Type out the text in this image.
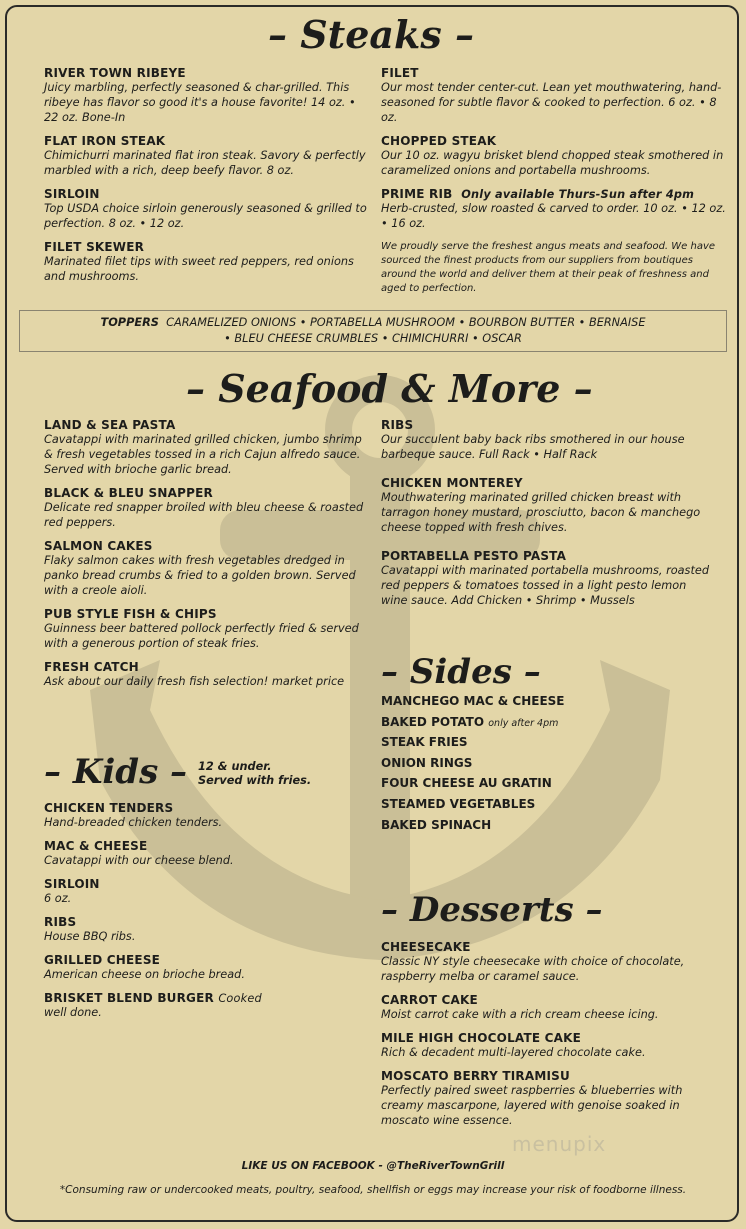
– Steaks –
RIVER TOWN RIBEYE
Juicy marbling, perfectly seasoned & char-grilled. This ribeye has flavor so good it's a house favorite! 14 oz. • 22 oz. Bone-In
FLAT IRON STEAK
Chimichurri marinated flat iron steak. Savory & perfectly marbled with a rich, deep beefy flavor. 8 oz.
SIRLOIN
Top USDA choice sirloin generously seasoned & grilled to perfection. 8 oz. • 12 oz.
FILET SKEWER
Marinated filet tips with sweet red peppers, red onions and mushrooms.
FILET
Our most tender center-cut. Lean yet mouthwatering, hand-seasoned for subtle flavor & cooked to perfection. 6 oz. • 8 oz.
CHOPPED STEAK
Our 10 oz. wagyu brisket blend chopped steak smothered in caramelized onions and portabella mushrooms.
PRIME RIB Only available Thurs-Sun after 4pm
Herb-crusted, slow roasted & carved to order. 10 oz. • 12 oz. • 16 oz.
We proudly serve the freshest angus meats and seafood. We have sourced the finest products from our suppliers from boutiques around the world and deliver them at their peak of freshness and aged to perfection.
TOPPERS CARAMELIZED ONIONS • PORTABELLA MUSHROOM • BOURBON BUTTER • BERNAISE
• BLEU CHEESE CRUMBLES • CHIMICHURRI • OSCAR
– Seafood & More –
LAND & SEA PASTA
Cavatappi with marinated grilled chicken, jumbo shrimp & fresh vegetables tossed in a rich Cajun alfredo sauce. Served with brioche garlic bread.
BLACK & BLEU SNAPPER
Delicate red snapper broiled with bleu cheese & roasted red peppers.
SALMON CAKES
Flaky salmon cakes with fresh vegetables dredged in panko bread crumbs & fried to a golden brown. Served with a creole aioli.
PUB STYLE FISH & CHIPS
Guinness beer battered pollock perfectly fried & served with a generous portion of steak fries.
FRESH CATCH
Ask about our daily fresh fish selection! market price
RIBS
Our succulent baby back ribs smothered in our house barbeque sauce. Full Rack • Half Rack
CHICKEN MONTEREY
Mouthwatering marinated grilled chicken breast with tarragon honey mustard, prosciutto, bacon & manchego cheese topped with fresh chives.
PORTABELLA PESTO PASTA
Cavatappi with marinated portabella mushrooms, roasted red peppers & tomatoes tossed in a light pesto lemon wine sauce. Add Chicken • Shrimp • Mussels
– Sides –
MANCHEGO MAC & CHEESE
BAKED POTATO only after 4pm
STEAK FRIES
ONION RINGS
FOUR CHEESE AU GRATIN
STEAMED VEGETABLES
BAKED SPINACH
– Kids – 12 & under.
Served with fries.
CHICKEN TENDERS
Hand-breaded chicken tenders.
MAC & CHEESE
Cavatappi with our cheese blend.
SIRLOIN
6 oz.
RIBS
House BBQ ribs.
GRILLED CHEESE
American cheese on brioche bread.
BRISKET BLEND BURGER Cooked
well done.
– Desserts –
CHEESECAKE
Classic NY style cheesecake with choice of chocolate, raspberry melba or caramel sauce.
CARROT CAKE
Moist carrot cake with a rich cream cheese icing.
MILE HIGH CHOCOLATE CAKE
Rich & decadent multi-layered chocolate cake.
MOSCATO BERRY TIRAMISU
Perfectly paired sweet raspberries & blueberries with creamy mascarpone, layered with genoise soaked in moscato wine essence.
menupix
LIKE US ON FACEBOOK - @TheRiverTownGrill
*Consuming raw or undercooked meats, poultry, seafood, shellfish or eggs may increase your risk of foodborne illness.
